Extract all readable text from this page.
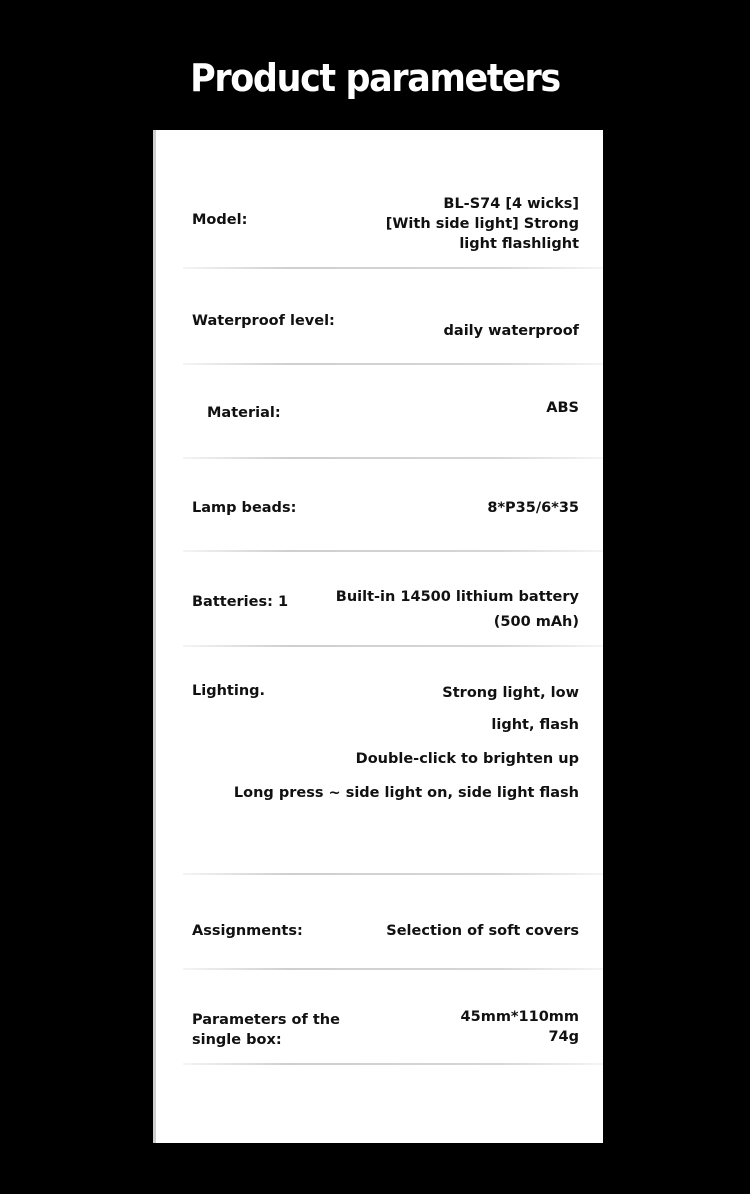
Product parameters
Model:
BL-S74 [4 wicks]
[With side light] Strong
light flashlight
Waterproof level:
daily waterproof
Material:	ABS
Lamp beads:	8*P35/6*35
Batteries: 1	Built-in 14500 lithium battery
(500 mAh)
Lighting.	Strong light, low
light, flash
Double-click to brighten up
Long press ~ side light on, side light flash
Assignments:	Selection of soft covers
Parameters of the
single box:
45mm*110mm
74g
